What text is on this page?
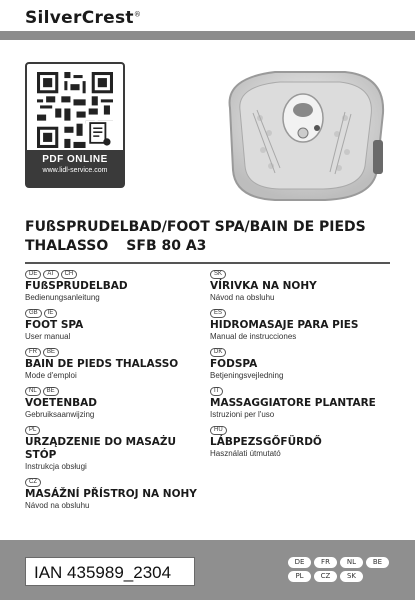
SilverCrest®
PDF ONLINE
www.lidl-service.com
FUßSPRUDELBAD/FOOT SPA/BAIN DE PIEDS
THALASSO SFB 80 A3
DE	AT	CH
FUßSPRUDELBAD
Bedienungsanleitung
GB	IE
FOOT SPA
User manual
FR	BE
BAIN DE PIEDS THALASSO
Mode d'emploi
NL	BE
VOETENBAD
Gebruiksaanwijzing
PL
URZĄDZENIE DO MASAŻU STÓP
Instrukcja obsługi
CZ
MASÁŽNÍ PŘÍSTROJ NA NOHY
Návod na obsluhu
SK
VÍRIVKA NA NOHY
Návod na obsluhu
ES
HIDROMASAJE PARA PIES
Manual de instrucciones
DK
FODSPA
Betjeningsvejledning
IT
MASSAGGIATORE PLANTARE
Istruzioni per l'uso
HU
LÁBPEZSGŐFÜRDŐ
Használati útmutató
IAN 435989_2304
DE	FR	NL	BE
PL	CZ	SK
